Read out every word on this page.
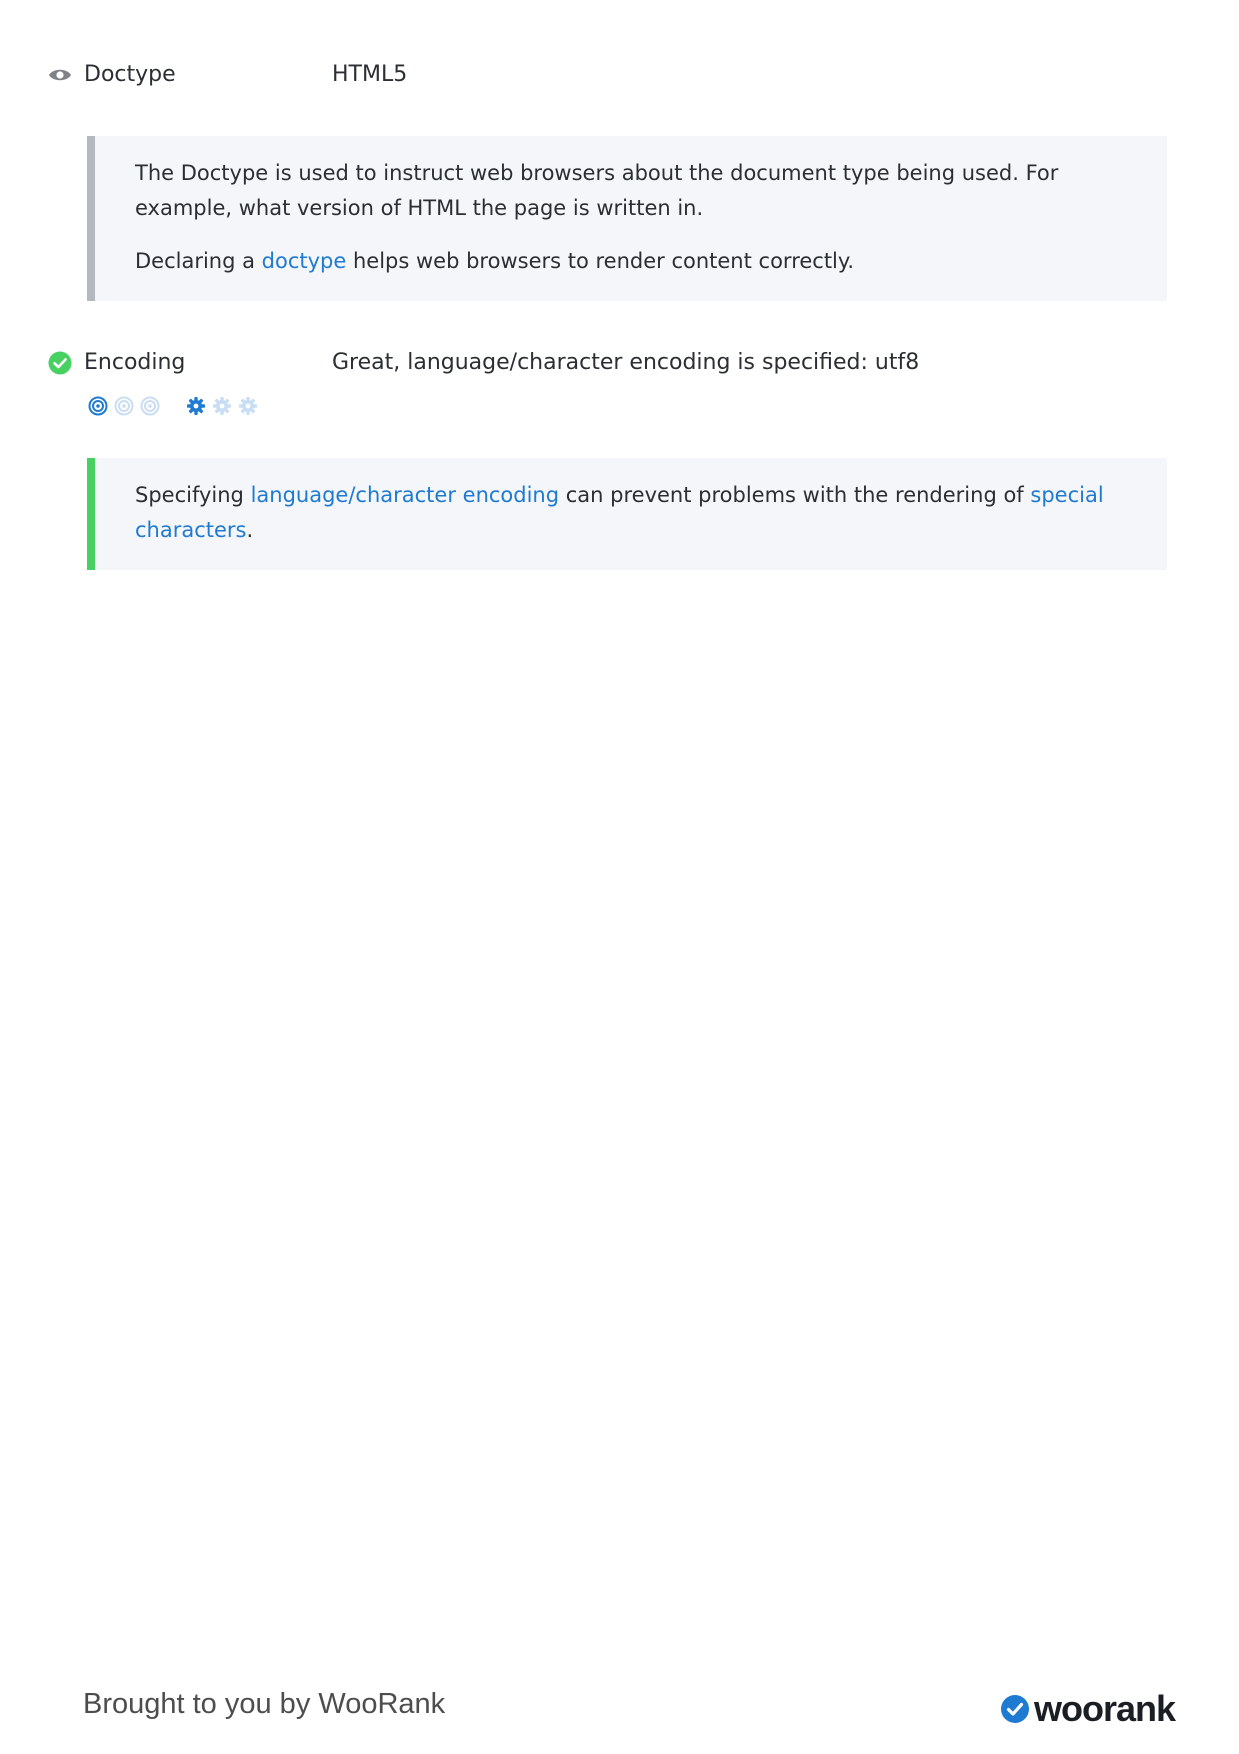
Doctype	HTML5

The Doctype is used to instruct web browsers about the document type being used. For example, what version of HTML the page is written in.

Declaring a doctype helps web browsers to render content correctly.

Encoding	Great, language/character encoding is specified: utf8

Specifying language/character encoding can prevent problems with the rendering of special characters.

Brought to you by WooRank	woorank
